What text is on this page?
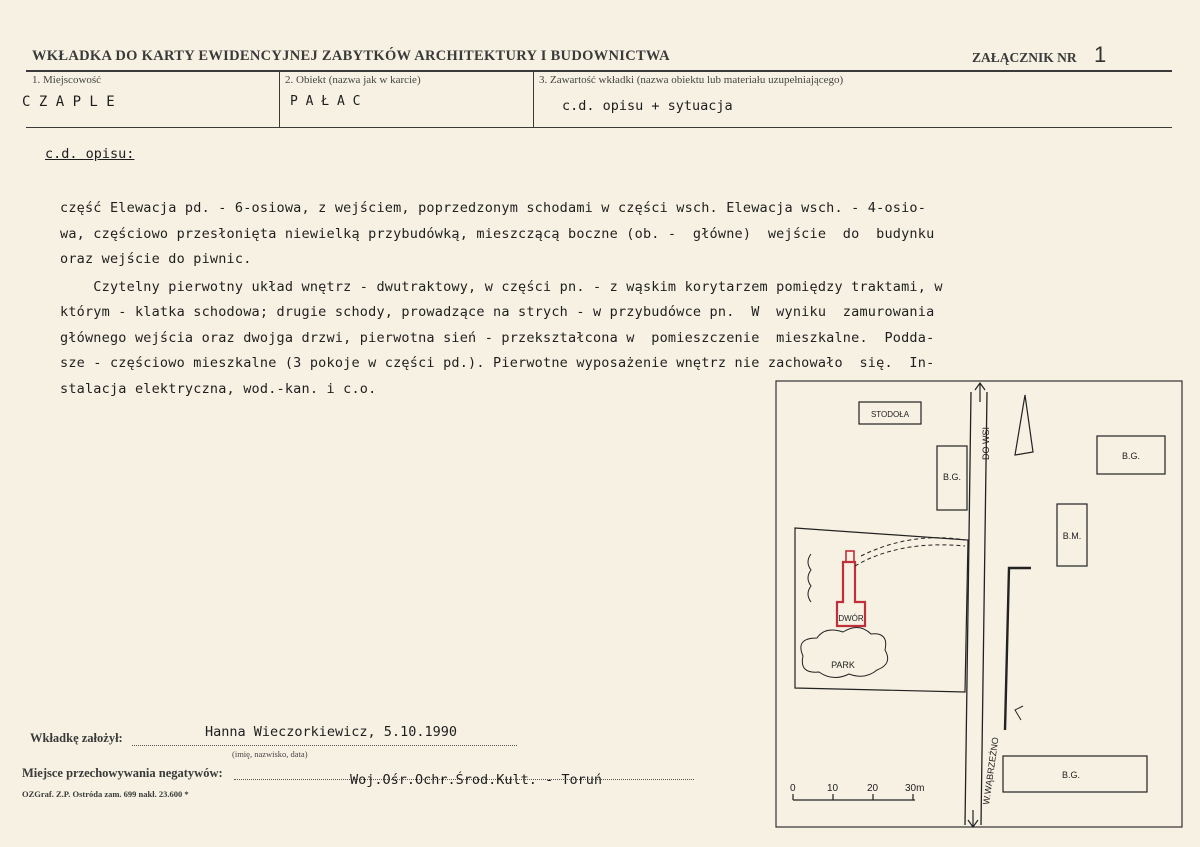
WKŁADKA DO KARTY EWIDENCYJNEJ ZABYTKÓW ARCHITEKTURY I BUDOWNICTWA	ZAŁĄCZNIK NR 1
1. Miejscowość
C Z A P L E
2. Obiekt (nazwa jak w karcie)
P A Ł A C
3. Zawartość wkładki (nazwa obiektu lub materiału uzupełniającego)
c.d. opisu + sytuacja
c.d. opisu:
część Elewacja pd. - 6-osiowa, z wejściem, poprzedzonym schodami w części wsch. Elewacja wsch. - 4-osio-
wa, częściowo przesłonięta niewielką przybudówką, mieszczącą boczne (ob. -  główne)  wejście  do  budynku
oraz wejście do piwnic.
Czytelny pierwotny układ wnętrz - dwutraktowy, w części pn. - z wąskim korytarzem pomiędzy traktami, w
którym - klatka schodowa; drugie schody, prowadzące na strych - w przybudówce pn.  W  wyniku  zamurowania
głównego wejścia oraz dwojga drzwi, pierwotna sień - przekształcona w  pomieszczenie  mieszkalne.  Podda-
sze - częściowo mieszkalne (3 pokoje w części pd.). Pierwotne wyposażenie wnętrz nie zachowało  się.  In-
stalacja elektryczna, wod.-kan. i c.o.
DO WSI
W.WĄBRZEŹNO
STODOŁA
B.G.
B.G.
B.M.
DWÓR
PARK
B.G.
0	10	20	30m
Wkładkę założył:	Hanna Wieczorkiewicz, 5.10.1990
(imię, nazwisko, data)
Miejsce przechowywania negatywów:	Woj.Ośr.Ochr.Środ.Kult. - Toruń
OZGraf. Z.P. Ostróda zam. 699 nakł. 23.600 *
